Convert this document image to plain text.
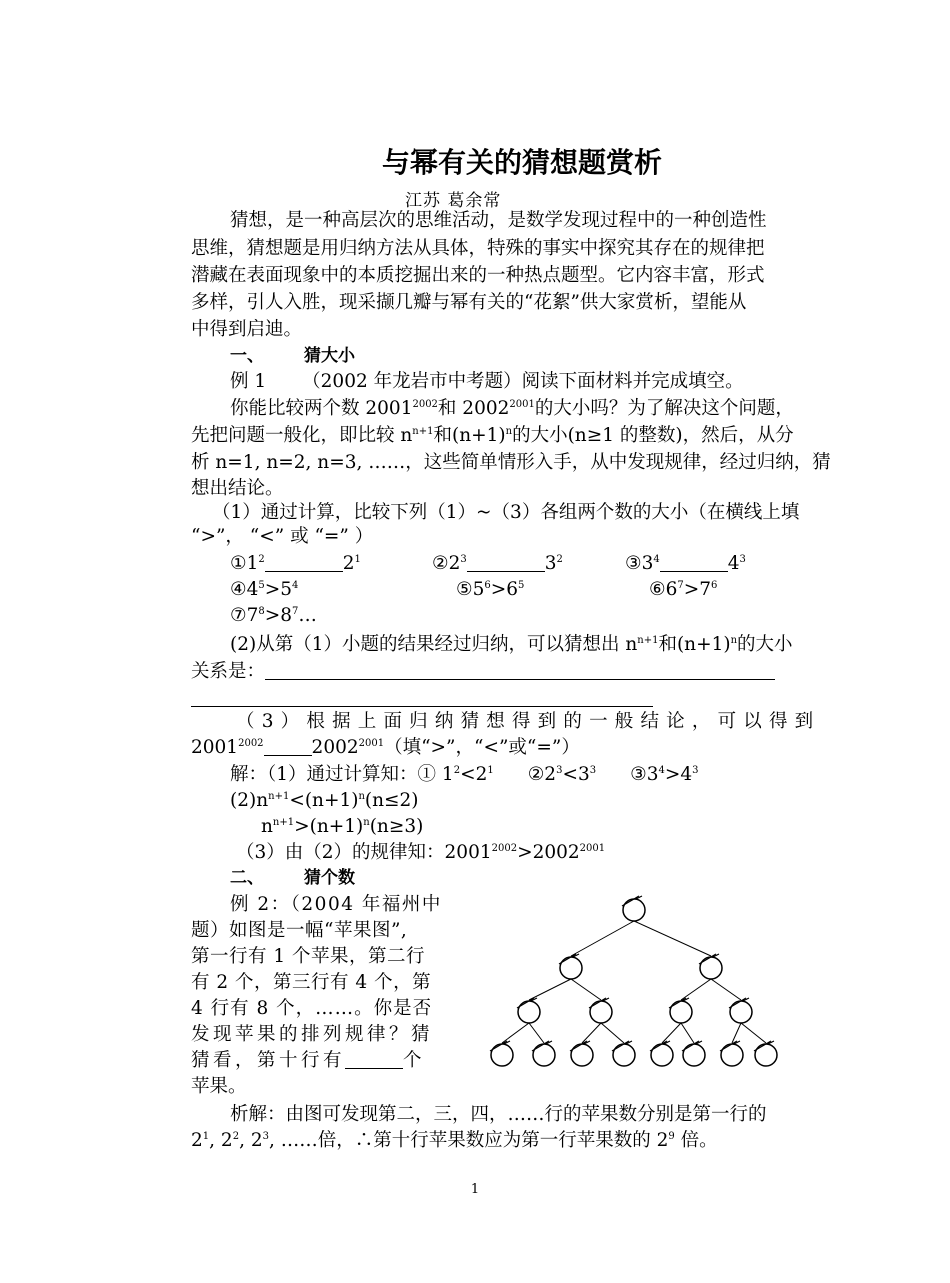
与幂有关的猜想题赏析
江苏 葛余常
猜想，是一种高层次的思维活动，是数学发现过程中的一种创造性
思维，猜想题是用归纳方法从具体，特殊的事实中探究其存在的规律把
潜藏在表面现象中的本质挖掘出来的一种热点题型。它内容丰富，形式
多样，引人入胜，现采撷几瓣与幂有关的“花絮”供大家赏析，望能从
中得到启迪。
一、 猜大小
例 1 （2002 年龙岩市中考题）阅读下面材料并完成填空。
你能比较两个数 $2001^{2002}$和 $2002^{2001}$的大小吗？为了解决这个问题，
先把问题一般化，即比较 $n^{n+1}$和$(n+1)^n$的大小(n≥1 的整数)，然后，从分
析 n=1, n=2, n=3, ……，这些简单情形入手，从中发现规律，经过归纳，猜
想出结论。
（1）通过计算，比较下列（1）~（3）各组两个数的大小（在横线上填
“>”， “<” 或 “=” ）
$①1^2$	$2^1$	$②2^3$	$3^2$	$③3^4$	$4^3$
$④4^5>5^4$	$⑤5^6>6^5$	$⑥6^7>7^6$
$⑦7^8>8^7\dots$
(2)从第（1）小题的结果经过归纳，可以猜想出 $n^{n+1}$和$(n+1)^n$的大小
关系是：
（3）根据上面归纳猜想得到的一般结论，可以得到
$2001^{2002}$	$2002^{2001}$（填“>”，“<”或“=”）
解：（1）通过计算知：① $1^2<2^1$ $②2^3<3^3$ $③3^4>4^3$
$(2)n^{n+1}<(n+1)^n(n\le 2)$
$n^{n+1}>(n+1)^n(n\ge 3)$
（3）由（2）的规律知：$2001^{2002}>2002^{2001}$
二、 猜个数
例 2：（2004 年福州中
题）如图是一幅“苹果图”,
第一行有 1 个苹果，第二行
有 2 个，第三行有 4 个，第
4 行有 8 个，……。你是否
发现苹果的排列规律？猜
猜看，第十行有	个
苹果。
析解：由图可发现第二，三，四，……行的苹果数分别是第一行的
$2^1$, $2^2$, $2^3$, ……倍，∴第十行苹果数应为第一行苹果数的 $2^9$ 倍。
1
